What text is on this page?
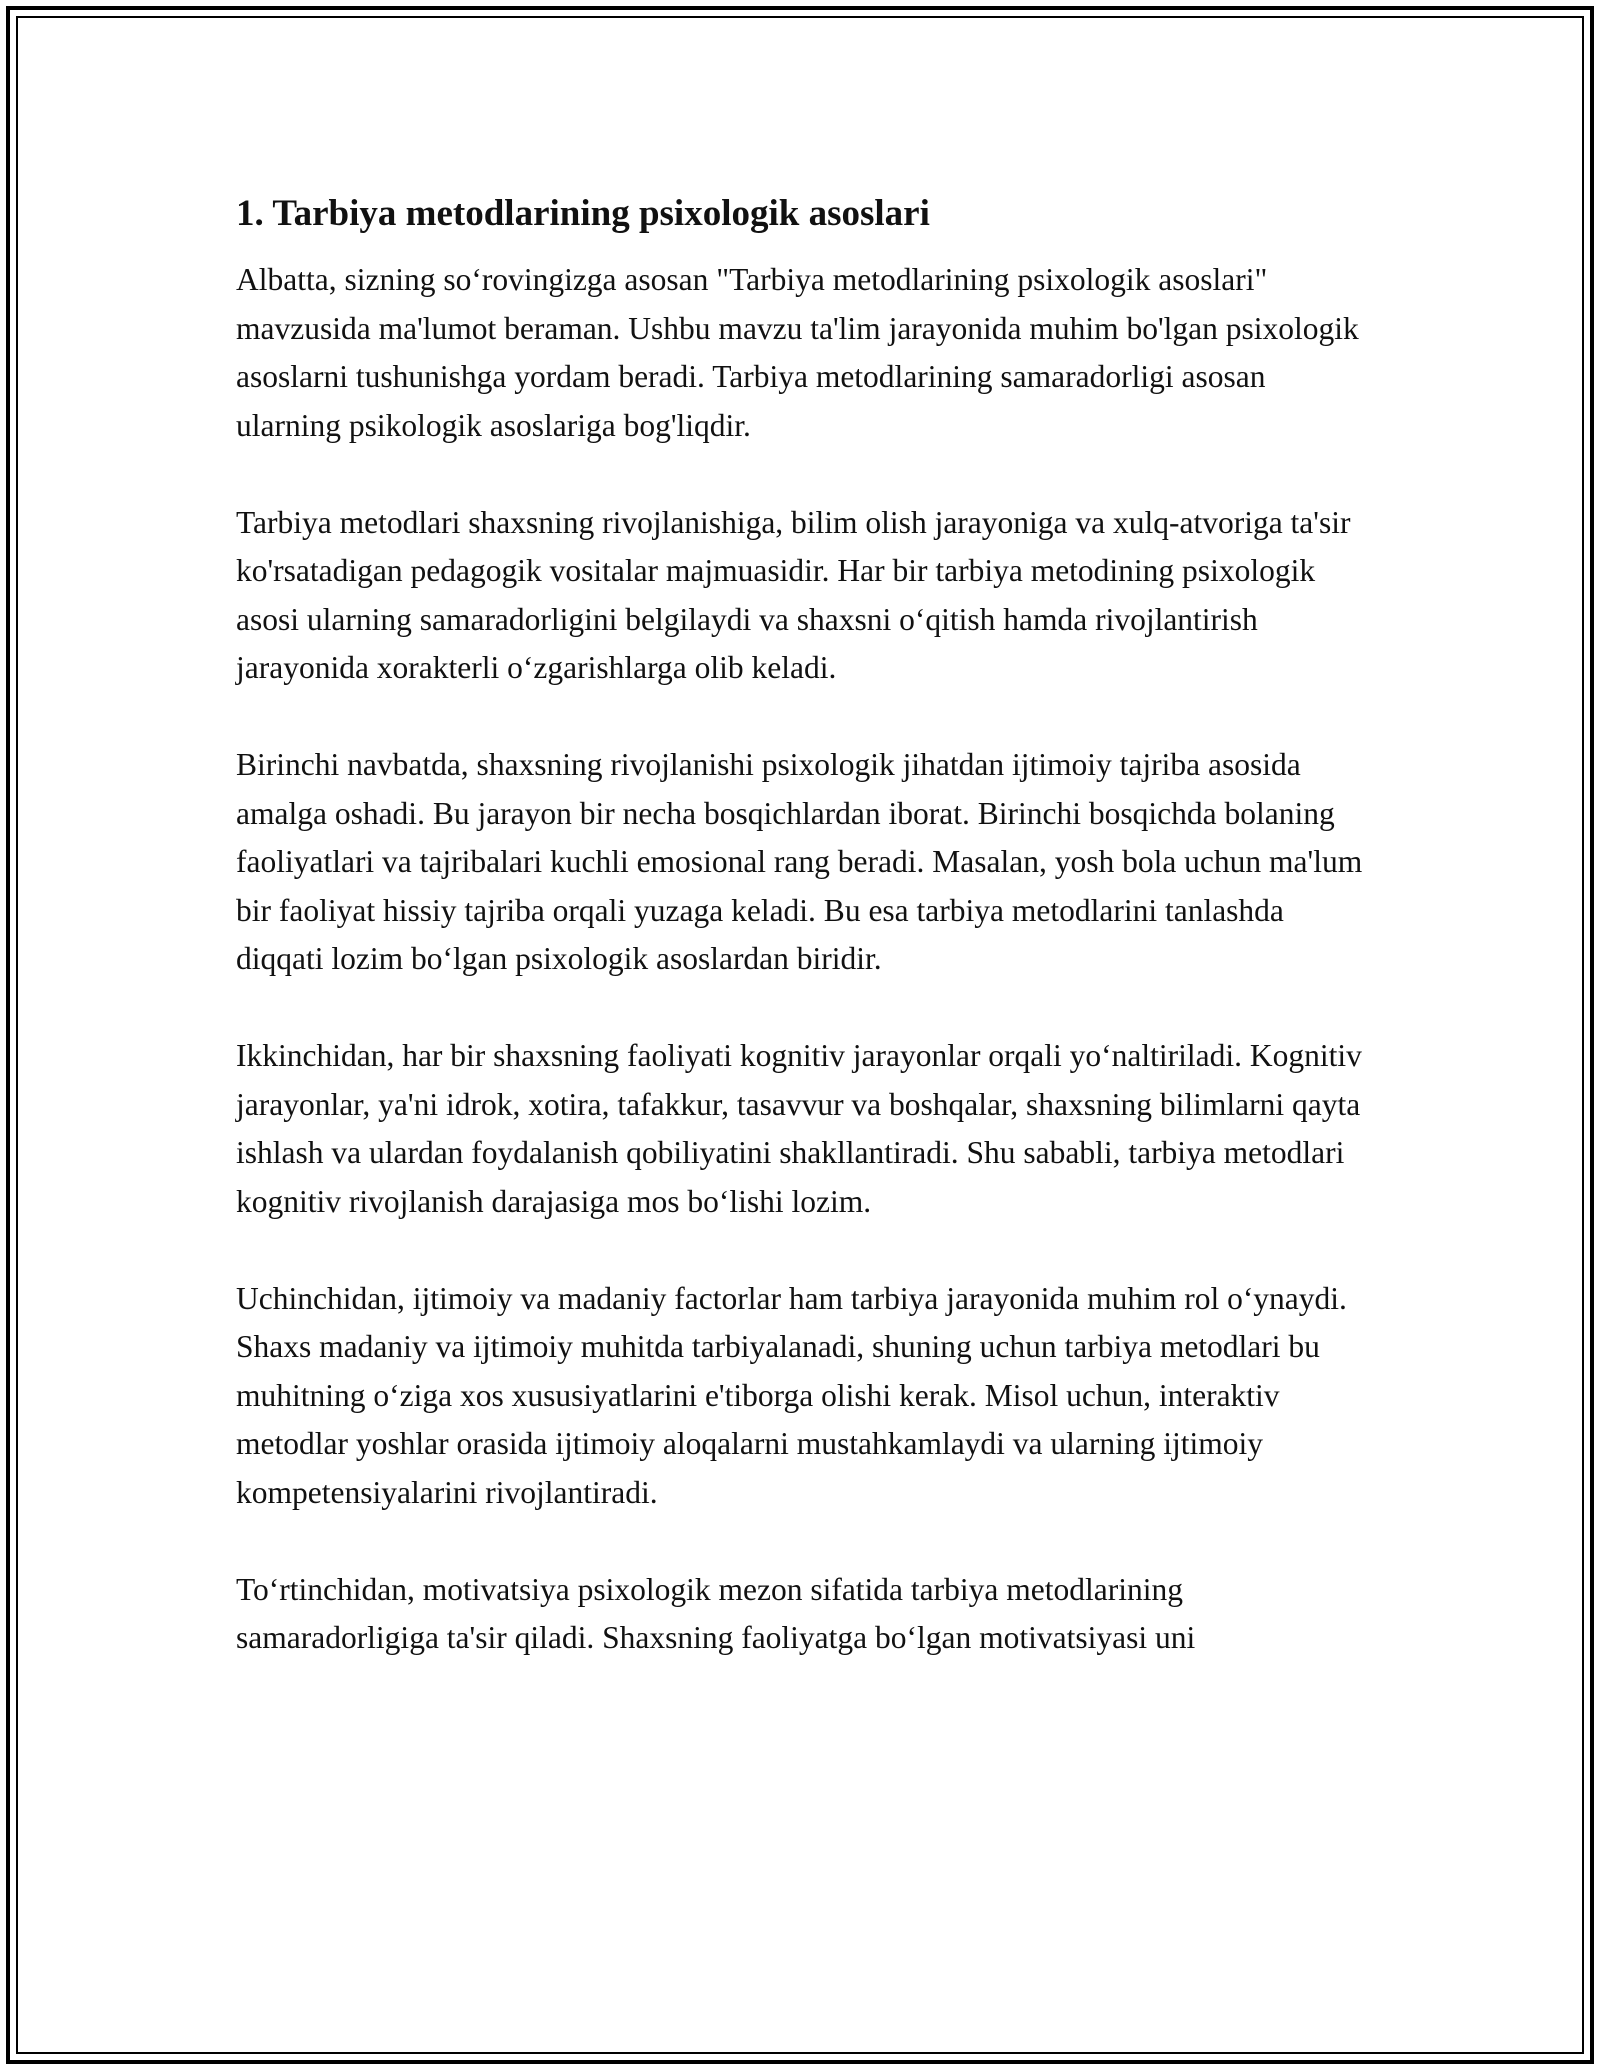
1. Tarbiya metodlarining psixologik asoslari

Albatta, sizning so‘rovingizga asosan "Tarbiya metodlarining psixologik asoslari" mavzusida ma'lumot beraman. Ushbu mavzu ta'lim jarayonida muhim bo'lgan psixologik asoslarni tushunishga yordam beradi. Tarbiya metodlarining samaradorligi asosan ularning psikologik asoslariga bog'liqdir.

Tarbiya metodlari shaxsning rivojlanishiga, bilim olish jarayoniga va xulq-atvoriga ta'sir ko'rsatadigan pedagogik vositalar majmuasidir. Har bir tarbiya metodining psixologik asosi ularning samaradorligini belgilaydi va shaxsni o‘qitish hamda rivojlantirish jarayonida xorakterli o‘zgarishlarga olib keladi.

Birinchi navbatda, shaxsning rivojlanishi psixologik jihatdan ijtimoiy tajriba asosida amalga oshadi. Bu jarayon bir necha bosqichlardan iborat. Birinchi bosqichda bolaning faoliyatlari va tajribalari kuchli emosional rang beradi. Masalan, yosh bola uchun ma'lum bir faoliyat hissiy tajriba orqali yuzaga keladi. Bu esa tarbiya metodlarini tanlashda diqqati lozim bo‘lgan psixologik asoslardan biridir.

Ikkinchidan, har bir shaxsning faoliyati kognitiv jarayonlar orqali yo‘naltiriladi. Kognitiv jarayonlar, ya'ni idrok, xotira, tafakkur, tasavvur va boshqalar, shaxsning bilimlarni qayta ishlash va ulardan foydalanish qobiliyatini shakllantiradi. Shu sababli, tarbiya metodlari kognitiv rivojlanish darajasiga mos bo‘lishi lozim.

Uchinchidan, ijtimoiy va madaniy factorlar ham tarbiya jarayonida muhim rol o‘ynaydi. Shaxs madaniy va ijtimoiy muhitda tarbiyalanadi, shuning uchun tarbiya metodlari bu muhitning o‘ziga xos xususiyatlarini e'tiborga olishi kerak. Misol uchun, interaktiv metodlar yoshlar orasida ijtimoiy aloqalarni mustahkamlaydi va ularning ijtimoiy kompetensiyalarini rivojlantiradi.

To‘rtinchidan, motivatsiya psixologik mezon sifatida tarbiya metodlarining samaradorligiga ta'sir qiladi. Shaxsning faoliyatga bo‘lgan motivatsiyasi uni
